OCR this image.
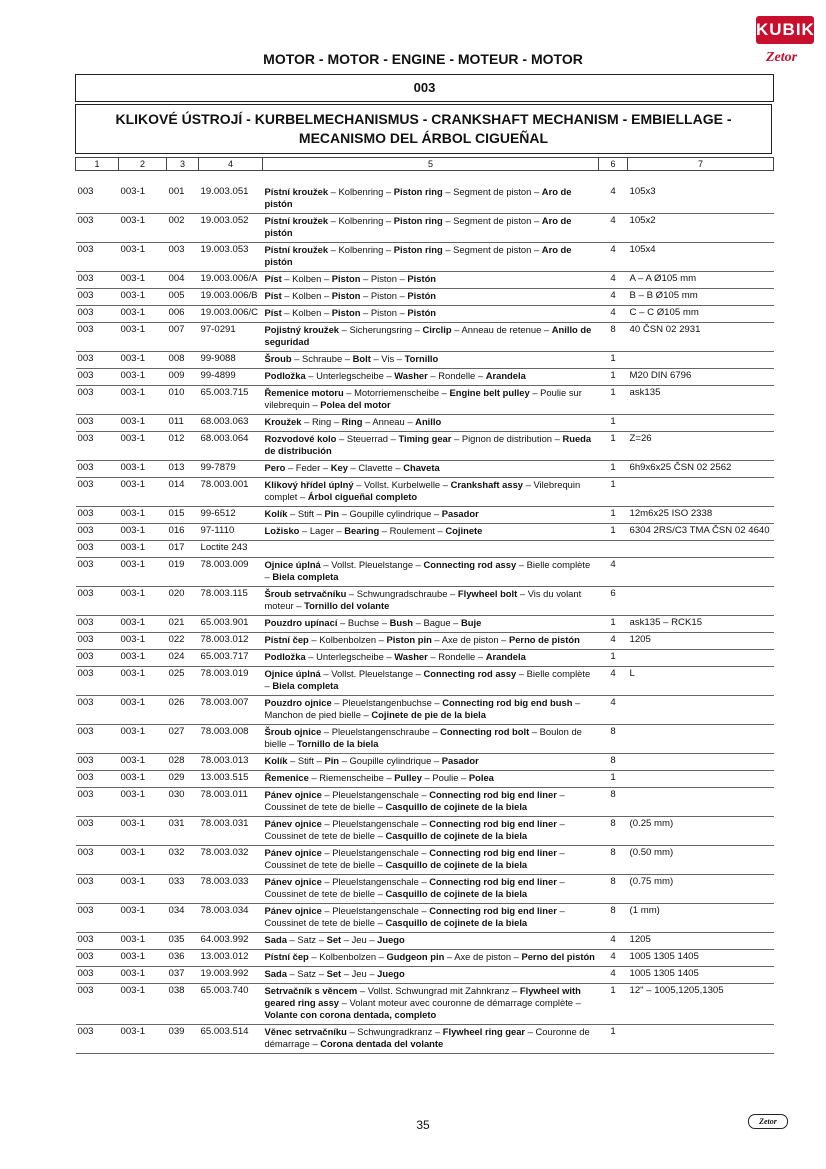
KUBIK
Zetor
MOTOR - MOTOR - ENGINE - MOTEUR - MOTOR
003
KLIKOVÉ ÚSTROJÍ - KURBELMECHANISMUS - CRANKSHAFT MECHANISM - EMBIELLAGE -
MECANISMO DEL ÁRBOL CIGUEÑAL
1	2	3	4	5	6	7

003	003-1	001	19.003.051	Pístní kroužek – Kolbenring – Piston ring – Segment de piston – Aro de pistón	4	105x3
003	003-1	002	19.003.052	Pístní kroužek – Kolbenring – Piston ring – Segment de piston – Aro de pistón	4	105x2
003	003-1	003	19.003.053	Pístní kroužek – Kolbenring – Piston ring – Segment de piston – Aro de pistón	4	105x4
003	003-1	004	19.003.006/A	Píst – Kolben – Piston – Piston – Pistón	4	A – A Ø105 mm
003	003-1	005	19.003.006/B	Píst – Kolben – Piston – Piston – Pistón	4	B – B Ø105 mm
003	003-1	006	19.003.006/C	Píst – Kolben – Piston – Piston – Pistón	4	C – C Ø105 mm
003	003-1	007	97-0291	Pojistný kroužek – Sicherungsring – Circlip – Anneau de retenue – Anillo de seguridad	8	40 ČSN 02 2931
003	003-1	008	99-9088	Šroub – Schraube – Bolt – Vis – Tornillo	1	
003	003-1	009	99-4899	Podložka – Unterlegscheibe – Washer – Rondelle – Arandela	1	M20 DIN 6796
003	003-1	010	65.003.715	Řemenice motoru – Motorriemenscheibe – Engine belt pulley – Poulie sur vilebrequin – Polea del motor	1	ask135
003	003-1	011	68.003.063	Kroužek – Ring – Ring – Anneau – Anillo	1	
003	003-1	012	68.003.064	Rozvodové kolo – Steuerrad – Timing gear – Pignon de distribution – Rueda de distribución	1	Z=26
003	003-1	013	99-7879	Pero – Feder – Key – Clavette – Chaveta	1	6h9x6x25 ČSN 02 2562
003	003-1	014	78.003.001	Klikový hřídel úplný – Vollst. Kurbelwelle – Crankshaft assy – Vilebrequin complet – Árbol cigueñal completo	1	
003	003-1	015	99-6512	Kolík – Stift – Pin – Goupille cylindrique – Pasador	1	12m6x25 ISO 2338
003	003-1	016	97-1110	Ložisko – Lager – Bearing – Roulement – Cojinete	1	6304 2RS/C3 TMA ČSN 02 4640
003	003-1	017	Loctite 243			
003	003-1	019	78.003.009	Ojnice úplná – Vollst. Pleuelstange – Connecting rod assy – Bielle complète – Biela completa	4	
003	003-1	020	78.003.115	Šroub setrvačníku – Schwungradschraube – Flywheel bolt – Vis du volant moteur – Tornillo del volante	6	
003	003-1	021	65.003.901	Pouzdro upínací – Buchse – Bush – Bague – Buje	1	ask135 – RCK15
003	003-1	022	78.003.012	Pístní čep – Kolbenbolzen – Piston pin – Axe de piston – Perno de pistón	4	1205
003	003-1	024	65.003.717	Podložka – Unterlegscheibe – Washer – Rondelle – Arandela	1	
003	003-1	025	78.003.019	Ojnice úplná – Vollst. Pleuelstange – Connecting rod assy – Bielle complète – Biela completa	4	L
003	003-1	026	78.003.007	Pouzdro ojnice – Pleuelstangenbuchse – Connecting rod big end bush – Manchon de pied bielle – Cojinete de pie de la biela	4	
003	003-1	027	78.003.008	Šroub ojnice – Pleuelstangenschraube – Connecting rod bolt – Boulon de bielle – Tornillo de la biela	8	
003	003-1	028	78.003.013	Kolík – Stift – Pin – Goupille cylindrique – Pasador	8	
003	003-1	029	13.003.515	Řemenice – Riemenscheibe – Pulley – Poulie – Polea	1	
003	003-1	030	78.003.011	Pánev ojnice – Pleuelstangenschale – Connecting rod big end liner – Coussinet de tete de bielle – Casquillo de cojinete de la biela	8	
003	003-1	031	78.003.031	Pánev ojnice – Pleuelstangenschale – Connecting rod big end liner – Coussinet de tete de bielle – Casquillo de cojinete de la biela	8	(0.25 mm)
003	003-1	032	78.003.032	Pánev ojnice – Pleuelstangenschale – Connecting rod big end liner – Coussinet de tete de bielle – Casquillo de cojinete de la biela	8	(0.50 mm)
003	003-1	033	78.003.033	Pánev ojnice – Pleuelstangenschale – Connecting rod big end liner – Coussinet de tete de bielle – Casquillo de cojinete de la biela	8	(0.75 mm)
003	003-1	034	78.003.034	Pánev ojnice – Pleuelstangenschale – Connecting rod big end liner – Coussinet de tete de bielle – Casquillo de cojinete de la biela	8	(1 mm)
003	003-1	035	64.003.992	Sada – Satz – Set – Jeu – Juego	4	1205
003	003-1	036	13.003.012	Pístní čep – Kolbenbolzen – Gudgeon pin – Axe de piston – Perno del pistón	4	1005 1305 1405
003	003-1	037	19.003.992	Sada – Satz – Set – Jeu – Juego	4	1005 1305 1405
003	003-1	038	65.003.740	Setrvačník s věncem – Vollst. Schwungrad mit Zahnkranz – Flywheel with geared ring assy – Volant moteur avec couronne de démarrage complète – Volante con corona dentada, completo	1	12" – 1005,1205,1305
003	003-1	039	65.003.514	Věnec setrvačníku – Schwungradkranz – Flywheel ring gear – Couronne de démarrage – Corona dentada del volante	1	
35	Zetor
